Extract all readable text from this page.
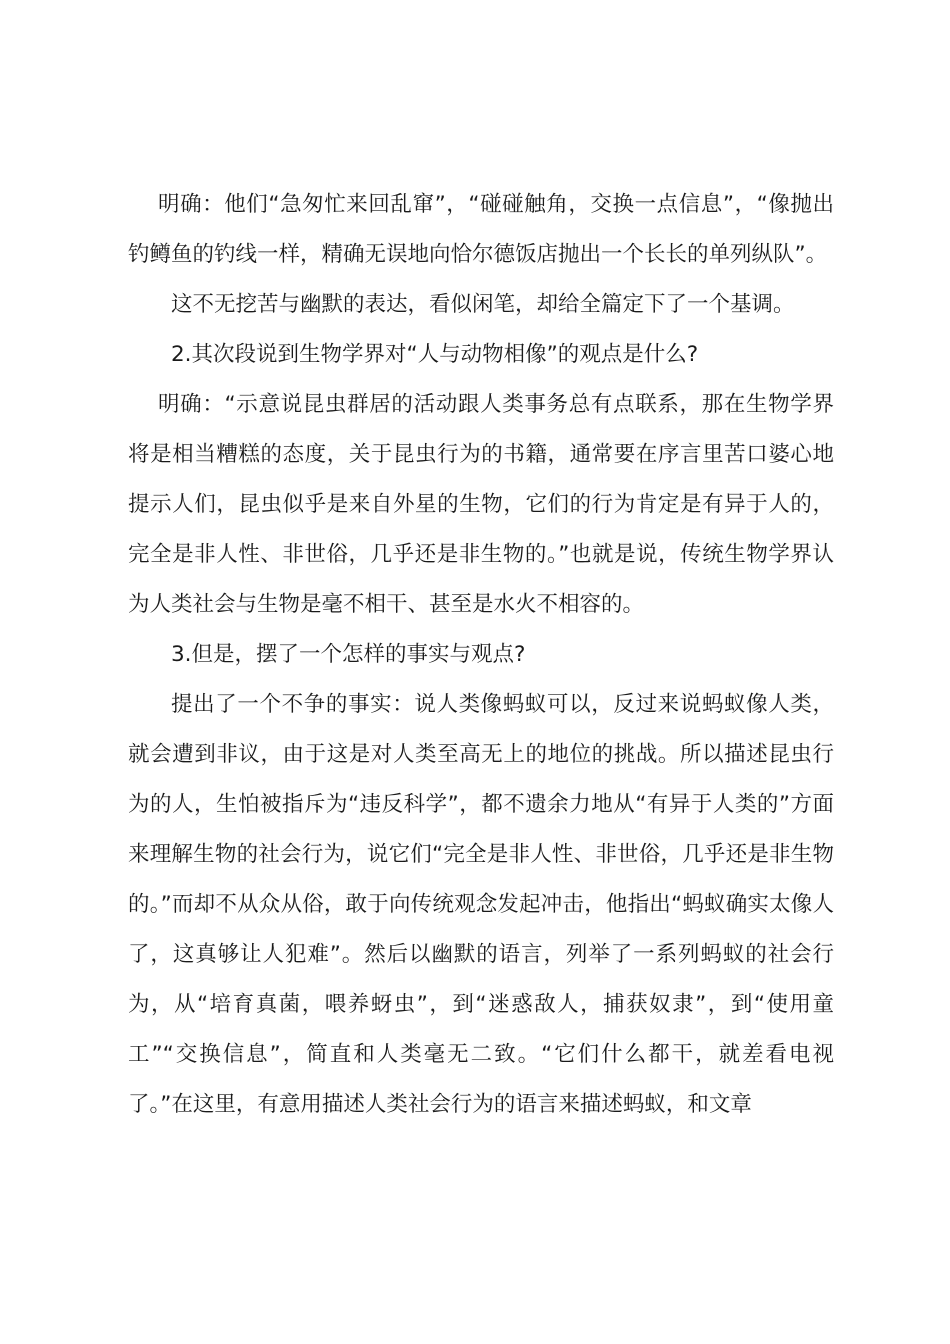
明确：他们“急匆忙来回乱窜”，“碰碰触角，交换一点信息”，“像抛出钓鳟鱼的钓线一样，精确无误地向恰尔德饭店抛出一个长长的单列纵队”。

这不无挖苦与幽默的表达，看似闲笔，却给全篇定下了一个基调。

2.其次段说到生物学界对“人与动物相像”的观点是什么?

明确：“示意说昆虫群居的活动跟人类事务总有点联系，那在生物学界将是相当糟糕的态度，关于昆虫行为的书籍，通常要在序言里苦口婆心地提示人们，昆虫似乎是来自外星的生物，它们的行为肯定是有异于人的，完全是非人性、非世俗，几乎还是非生物的。”也就是说，传统生物学界认为人类社会与生物是毫不相干、甚至是水火不相容的。

3.但是，摆了一个怎样的事实与观点?

提出了一个不争的事实：说人类像蚂蚁可以，反过来说蚂蚁像人类，就会遭到非议，由于这是对人类至高无上的地位的挑战。所以描述昆虫行为的人，生怕被指斥为“违反科学”，都不遗余力地从“有异于人类的”方面来理解生物的社会行为，说它们“完全是非人性、非世俗，几乎还是非生物的。”而却不从众从俗，敢于向传统观念发起冲击，他指出“蚂蚁确实太像人了，这真够让人犯难”。然后以幽默的语言，列举了一系列蚂蚁的社会行为，从“培育真菌，喂养蚜虫”，到“迷惑敌人，捕获奴隶”，到“使用童工”“交换信息”，简直和人类毫无二致。“它们什么都干，就差看电视了。”在这里，有意用描述人类社会行为的语言来描述蚂蚁，和文章
